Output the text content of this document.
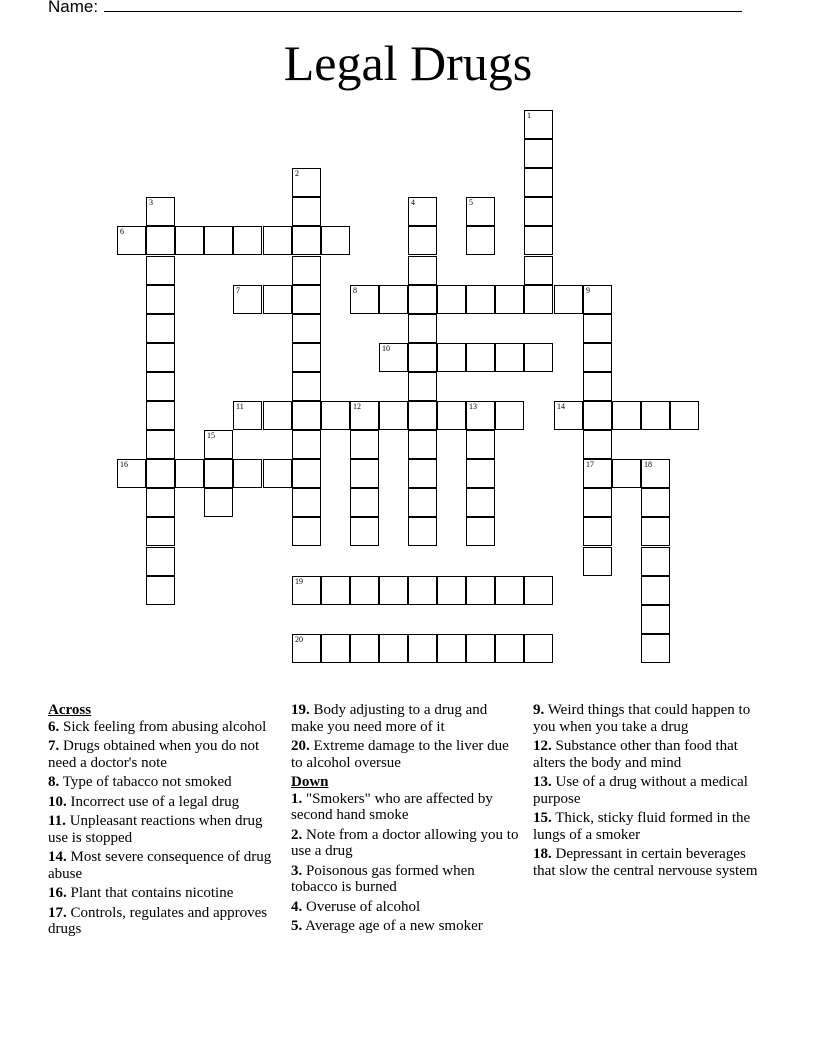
Name:
Legal Drugs
1
2
3	4	5
6
7	8	9
17
10
11	12	13	14
15
16	18
19
20
Across
6. Sick feeling from abusing alcohol
7. Drugs obtained when you do not need a doctor's note
8. Type of tabacco not smoked
10. Incorrect use of a legal drug
11. Unpleasant reactions when drug use is stopped
14. Most severe consequence of drug abuse
16. Plant that contains nicotine
17. Controls, regulates and approves drugs
19. Body adjusting to a drug and make you need more of it
20. Extreme damage to the liver due to alcohol oversue
Down
1. "Smokers" who are affected by second hand smoke
2. Note from a doctor allowing you to use a drug
3. Poisonous gas formed when tobacco is burned
4. Overuse of alcohol
5. Average age of a new smoker
9. Weird things that could happen to you when you take a drug
12. Substance other than food that alters the body and mind
13. Use of a drug without a medical purpose
15. Thick, sticky fluid formed in the lungs of a smoker
18. Depressant in certain beverages that slow the central nervouse system
